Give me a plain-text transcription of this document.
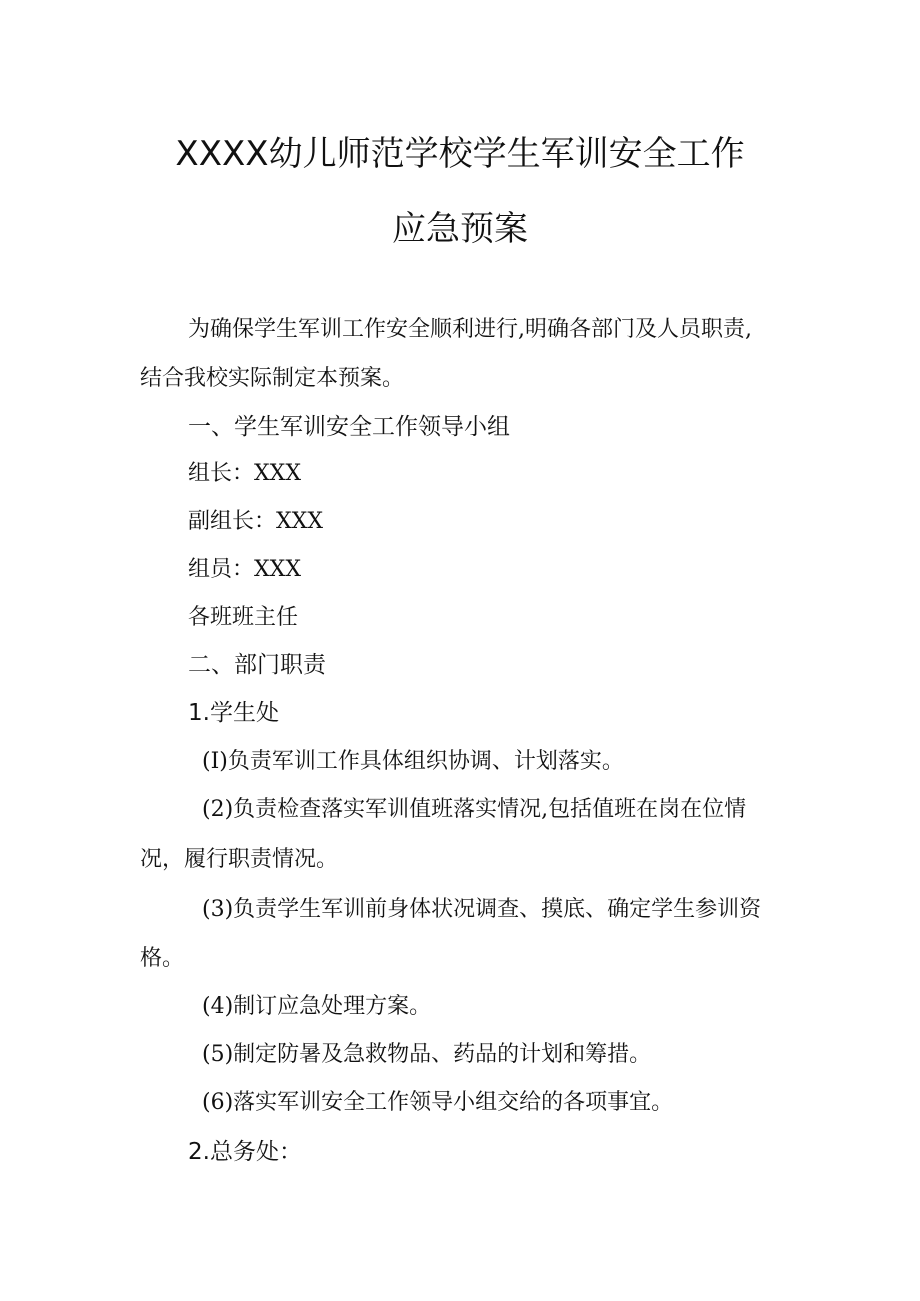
XXXX幼儿师范学校学生军训安全工作
应急预案
为确保学生军训工作安全顺利进行,明确各部门及人员职责,
结合我校实际制定本预案。
一、学生军训安全工作领导小组
组长：XXX
副组长：XXX
组员：XXX
各班班主任
二、部门职责
1.学生处
(I)负责军训工作具体组织协调、计划落实。
(2)负责检查落实军训值班落实情况,包括值班在岗在位情
况，履行职责情况。
(3)负责学生军训前身体状况调查、摸底、确定学生参训资
格。
(4)制订应急处理方案。
(5)制定防暑及急救物品、药品的计划和筹措。
(6)落实军训安全工作领导小组交给的各项事宜。
2.总务处：
